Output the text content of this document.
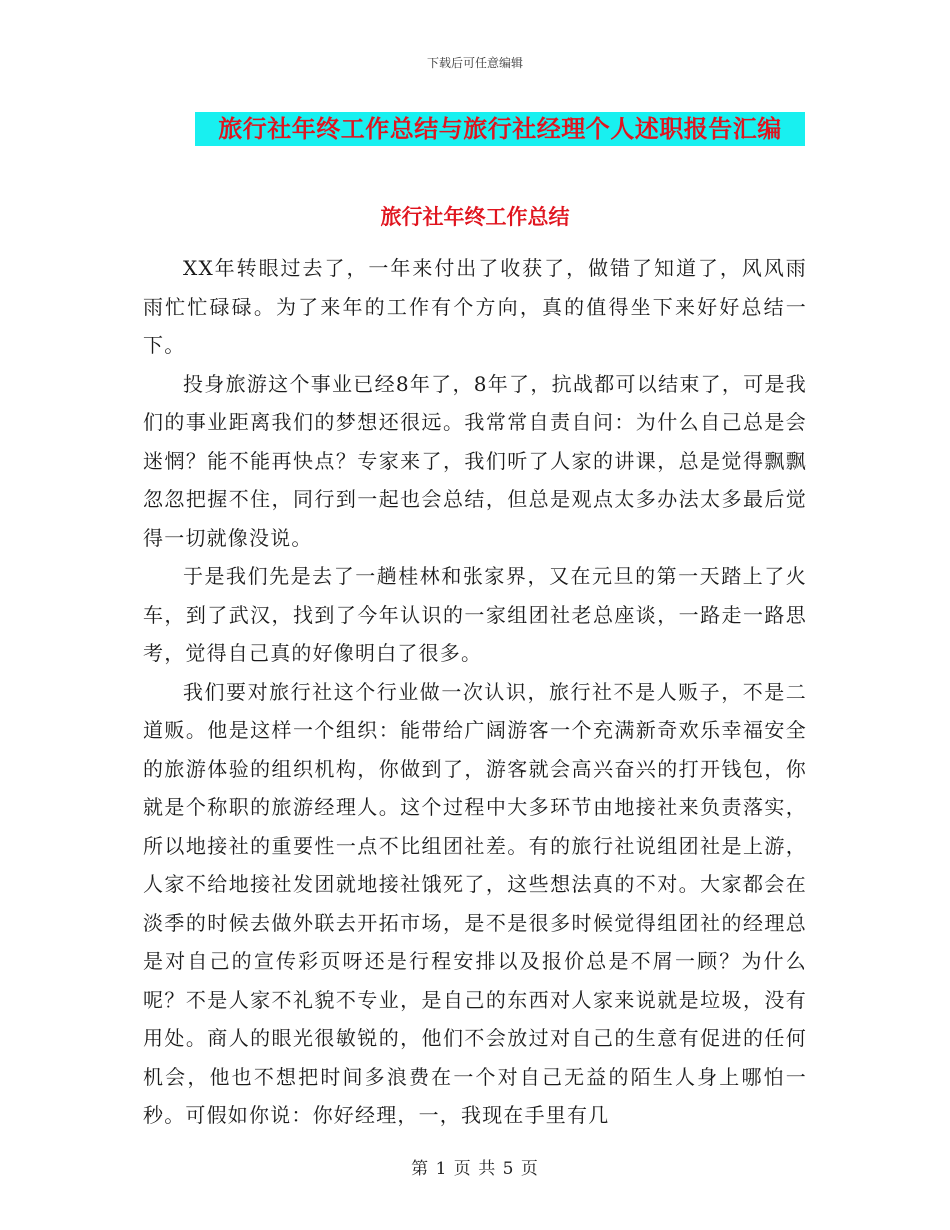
下载后可任意编辑
旅行社年终工作总结与旅行社经理个人述职报告汇编
旅行社年终工作总结

XX年转眼过去了，一年来付出了收获了，做错了知道了，风风雨雨忙忙碌碌。为了来年的工作有个方向，真的值得坐下来好好总结一下。

投身旅游这个事业已经8年了，8年了，抗战都可以结束了，可是我们的事业距离我们的梦想还很远。我常常自责自问：为什么自己总是会迷惘？能不能再快点？专家来了，我们听了人家的讲课，总是觉得飘飘忽忽把握不住，同行到一起也会总结，但总是观点太多办法太多最后觉得一切就像没说。

于是我们先是去了一趟桂林和张家界，又在元旦的第一天踏上了火车，到了武汉，找到了今年认识的一家组团社老总座谈，一路走一路思考，觉得自己真的好像明白了很多。

我们要对旅行社这个行业做一次认识，旅行社不是人贩子，不是二道贩。他是这样一个组织：能带给广阔游客一个充满新奇欢乐幸福安全的旅游体验的组织机构，你做到了，游客就会高兴奋兴的打开钱包，你就是个称职的旅游经理人。这个过程中大多环节由地接社来负责落实，所以地接社的重要性一点不比组团社差。有的旅行社说组团社是上游，人家不给地接社发团就地接社饿死了，这些想法真的不对。大家都会在淡季的时候去做外联去开拓市场，是不是很多时候觉得组团社的经理总是对自己的宣传彩页呀还是行程安排以及报价总是不屑一顾？为什么呢？不是人家不礼貌不专业，是自己的东西对人家来说就是垃圾，没有用处。商人的眼光很敏锐的，他们不会放过对自己的生意有促进的任何机会，他也不想把时间多浪费在一个对自己无益的陌生人身上哪怕一秒。可假如你说：你好经理，一，我现在手里有几

第 1 页 共 5 页
